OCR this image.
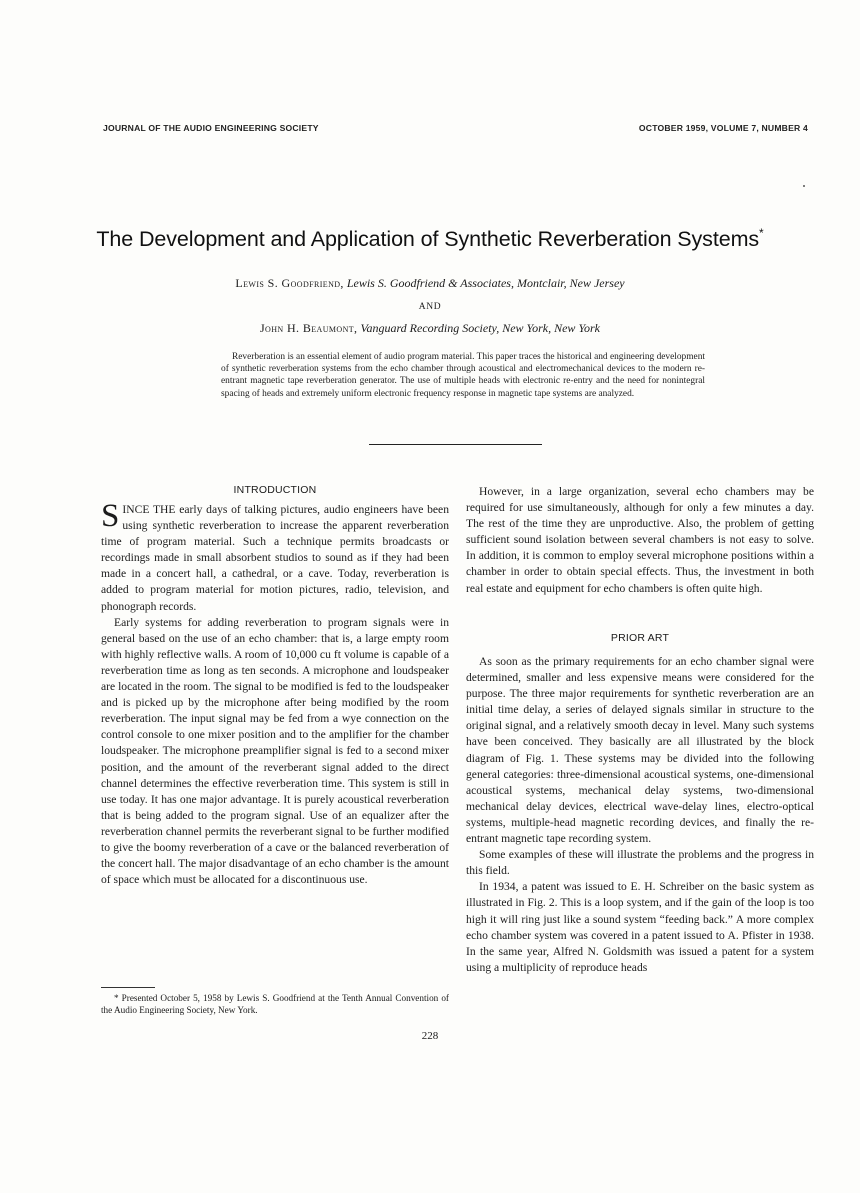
JOURNAL OF THE AUDIO ENGINEERING SOCIETY	OCTOBER 1959, VOLUME 7, NUMBER 4
The Development and Application of Synthetic Reverberation Systems*
Lewis S. Goodfriend, Lewis S. Goodfriend & Associates, Montclair, New Jersey
AND
John H. Beaumont, Vanguard Recording Society, New York, New York
Reverberation is an essential element of audio program material. This paper traces the historical and engineering development of synthetic reverberation systems from the echo chamber through acoustical and electromechanical devices to the modern re-entrant magnetic tape reverberation generator. The use of multiple heads with electronic re-entry and the need for nonintegral spacing of heads and extremely uniform electronic frequency response in magnetic tape systems are analyzed.
INTRODUCTION

SINCE THE early days of talking pictures, audio engineers have been using synthetic reverberation to increase the apparent reverberation time of program material. Such a technique permits broadcasts or recordings made in small absorbent studios to sound as if they had been made in a concert hall, a cathedral, or a cave. Today, reverberation is added to program material for motion pictures, radio, television, and phonograph records.

Early systems for adding reverberation to program signals were in general based on the use of an echo chamber: that is, a large empty room with highly reflective walls. A room of 10,000 cu ft volume is capable of a reverberation time as long as ten seconds. A microphone and loudspeaker are located in the room. The signal to be modified is fed to the loudspeaker and is picked up by the microphone after being modified by the room reverberation. The input signal may be fed from a wye connection on the control console to one mixer position and to the amplifier for the chamber loudspeaker. The microphone preamplifier signal is fed to a second mixer position, and the amount of the reverberant signal added to the direct channel determines the effective reverberation time. This system is still in use today. It has one major advantage. It is purely acoustical reverberation that is being added to the program signal. Use of an equalizer after the reverberation channel permits the reverberant signal to be further modified to give the boomy reverberation of a cave or the balanced reverberation of the concert hall. The major disadvantage of an echo chamber is the amount of space which must be allocated for a discontinuous use.

However, in a large organization, several echo chambers may be required for use simultaneously, although for only a few minutes a day. The rest of the time they are unproductive. Also, the problem of getting sufficient sound isolation between several chambers is not easy to solve. In addition, it is common to employ several microphone positions within a chamber in order to obtain special effects. Thus, the investment in both real estate and equipment for echo chambers is often quite high.

PRIOR ART

As soon as the primary requirements for an echo chamber signal were determined, smaller and less expensive means were considered for the purpose. The three major requirements for synthetic reverberation are an initial time delay, a series of delayed signals similar in structure to the original signal, and a relatively smooth decay in level. Many such systems have been conceived. They basically are all illustrated by the block diagram of Fig. 1. These systems may be divided into the following general categories: three-dimensional acoustical systems, one-dimensional acoustical systems, mechanical delay systems, two-dimensional mechanical delay devices, electrical wave-delay lines, electro-optical systems, multiple-head magnetic recording devices, and finally the re-entrant magnetic tape recording system.

Some examples of these will illustrate the problems and the progress in this field.

In 1934, a patent was issued to E. H. Schreiber on the basic system as illustrated in Fig. 2. This is a loop system, and if the gain of the loop is too high it will ring just like a sound system “feeding back.” A more complex echo chamber system was covered in a patent issued to A. Pfister in 1938. In the same year, Alfred N. Goldsmith was issued a patent for a system using a multiplicity of reproduce heads

* Presented October 5, 1958 by Lewis S. Goodfriend at the Tenth Annual Convention of the Audio Engineering Society, New York.
228
